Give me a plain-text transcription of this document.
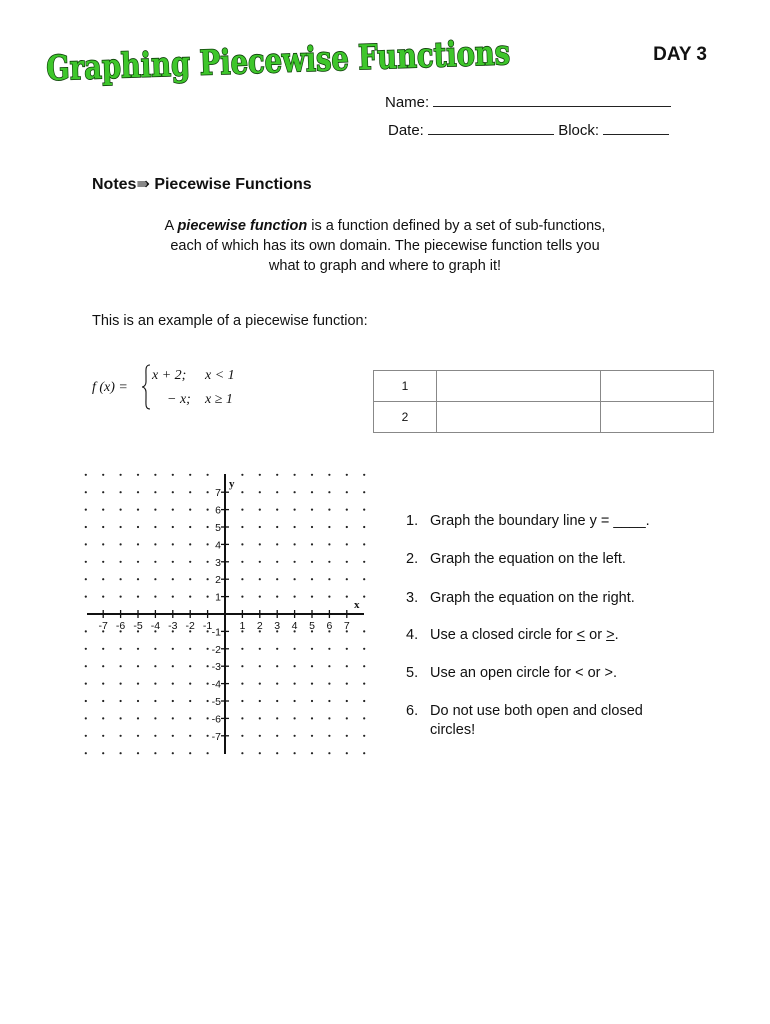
Graphing Piecewise Functions DAY 3
Name:
Date:	Block:
Notes⇛ Piecewise Functions
A piecewise function is a function defined by a set of sub-functions,
each of which has its own domain. The piecewise function tells you
what to graph and where to graph it!
This is an example of a piecewise function:
f (x) =
x + 2; x < 1
− x; x ≥ 1
1		
2		
-7 -6 -5 -4 -3 -2 -1	1 2 3 4 5 6 7
7
6
5
4
3
2
1
-1
-2
-3
-4
-5
-6
-7
x
y
1. Graph the boundary line y = ____.
2. Graph the equation on the left.
3. Graph the equation on the right.
4. Use a closed circle for < or >.
5. Use an open circle for < or >.
6. Do not use both open and closed
circles!
